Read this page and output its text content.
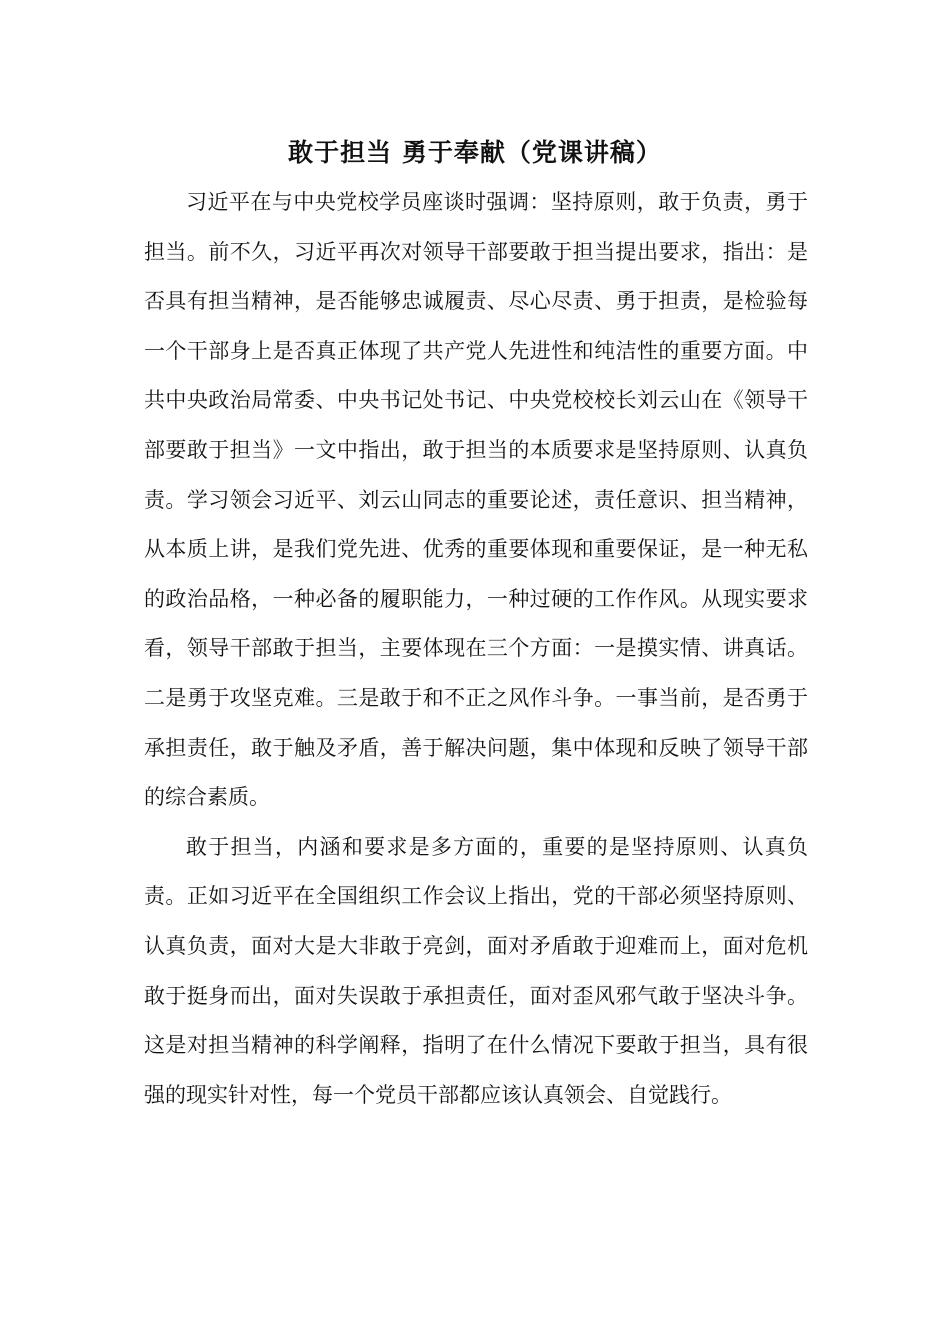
敢于担当 勇于奉献（党课讲稿）

习近平在与中央党校学员座谈时强调：坚持原则，敢于负责，勇于担当。前不久，习近平再次对领导干部要敢于担当提出要求，指出：是否具有担当精神，是否能够忠诚履责、尽心尽责、勇于担责，是检验每一个干部身上是否真正体现了共产党人先进性和纯洁性的重要方面。中共中央政治局常委、中央书记处书记、中央党校校长刘云山在《领导干部要敢于担当》一文中指出，敢于担当的本质要求是坚持原则、认真负责。学习领会习近平、刘云山同志的重要论述，责任意识、担当精神，从本质上讲，是我们党先进、优秀的重要体现和重要保证，是一种无私的政治品格，一种必备的履职能力，一种过硬的工作作风。从现实要求看，领导干部敢于担当，主要体现在三个方面：一是摸实情、讲真话。二是勇于攻坚克难。三是敢于和不正之风作斗争。一事当前，是否勇于承担责任，敢于触及矛盾，善于解决问题，集中体现和反映了领导干部的综合素质。

敢于担当，内涵和要求是多方面的，重要的是坚持原则、认真负责。正如习近平在全国组织工作会议上指出，党的干部必须坚持原则、认真负责，面对大是大非敢于亮剑，面对矛盾敢于迎难而上，面对危机敢于挺身而出，面对失误敢于承担责任，面对歪风邪气敢于坚决斗争。这是对担当精神的科学阐释，指明了在什么情况下要敢于担当，具有很强的现实针对性，每一个党员干部都应该认真领会、自觉践行。
